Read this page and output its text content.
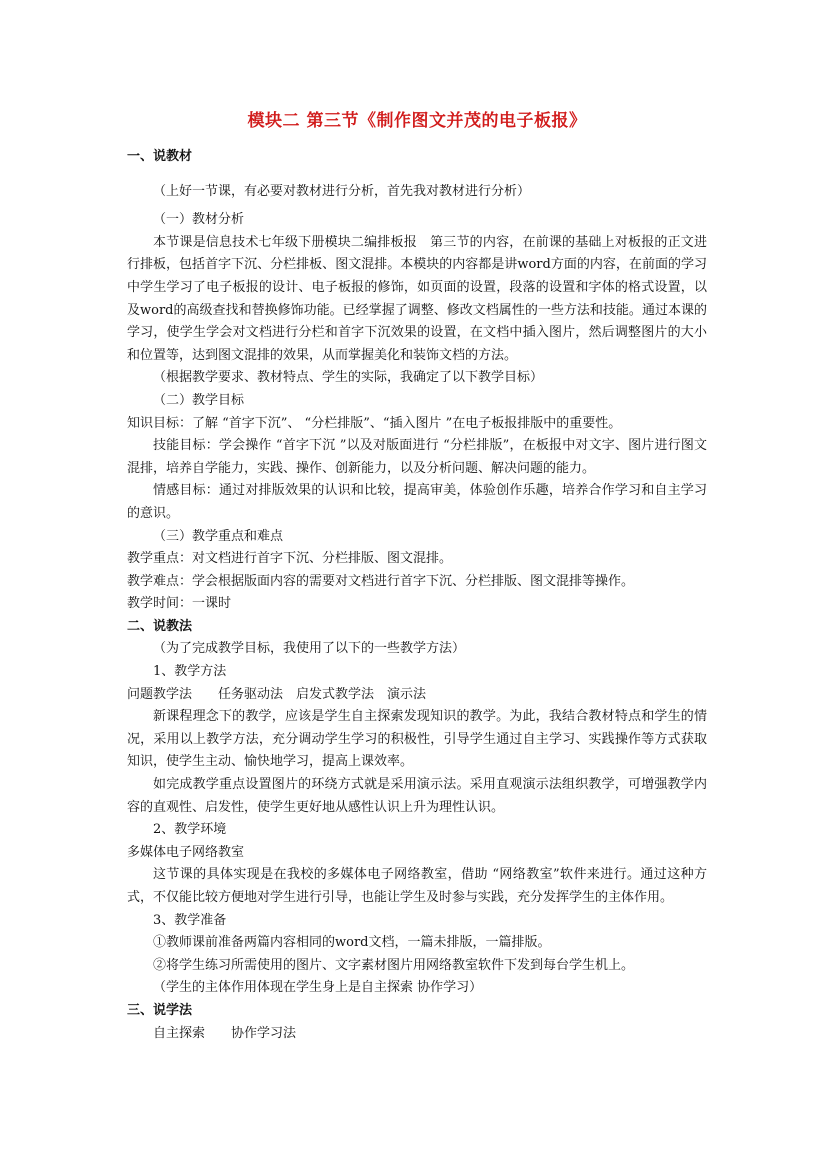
模块二 第三节《制作图文并茂的电子板报》

一、说教材

（上好一节课，有必要对教材进行分析，首先我对教材进行分析）

（一）教材分析

本节课是信息技术七年级下册模块二编排板报　第三节的内容，在前课的基础上对板报的正文进行排板，包括首字下沉、分栏排板、图文混排。本模块的内容都是讲word方面的内容，在前面的学习中学生学习了电子板报的设计、电子板报的修饰，如页面的设置，段落的设置和字体的格式设置，以及word的高级查找和替换修饰功能。已经掌握了调整、修改文档属性的一些方法和技能。通过本课的学习，使学生学会对文档进行分栏和首字下沉效果的设置，在文档中插入图片，然后调整图片的大小和位置等，达到图文混排的效果，从而掌握美化和装饰文档的方法。

（根据教学要求、教材特点、学生的实际，我确定了以下教学目标）

（二）教学目标

知识目标：了解 “首字下沉”、 “分栏排版”、“插入图片 ”在电子板报排版中的重要性。

技能目标：学会操作 “首字下沉 ”以及对版面进行 “分栏排版”，在板报中对文字、图片进行图文混排，培养自学能力，实践、操作、创新能力，以及分析问题、解决问题的能力。

情感目标：通过对排版效果的认识和比较，提高审美，体验创作乐趣，培养合作学习和自主学习的意识。

（三）教学重点和难点

教学重点：对文档进行首字下沉、分栏排版、图文混排。

教学难点：学会根据版面内容的需要对文档进行首字下沉、分栏排版、图文混排等操作。

教学时间：一课时

二、说教法

（为了完成教学目标，我使用了以下的一些教学方法）

1、教学方法

问题教学法　　任务驱动法　启发式教学法　演示法

新课程理念下的教学，应该是学生自主探索发现知识的教学。为此，我结合教材特点和学生的情况，采用以上教学方法，充分调动学生学习的积极性，引导学生通过自主学习、实践操作等方式获取知识，使学生主动、愉快地学习，提高上课效率。

如完成教学重点设置图片的环绕方式就是采用演示法。采用直观演示法组织教学，可增强教学内容的直观性、启发性，使学生更好地从感性认识上升为理性认识。

2、教学环境

多媒体电子网络教室

这节课的具体实现是在我校的多媒体电子网络教室，借助 “网络教室”软件来进行。通过这种方式，不仅能比较方便地对学生进行引导，也能让学生及时参与实践，充分发挥学生的主体作用。

3、教学准备

①教师课前准备两篇内容相同的word文档，一篇未排版，一篇排版。

②将学生练习所需使用的图片、文字素材图片用网络教室软件下发到每台学生机上。

（学生的主体作用体现在学生身上是自主探索 协作学习）

三、说学法

自主探索　　协作学习法
